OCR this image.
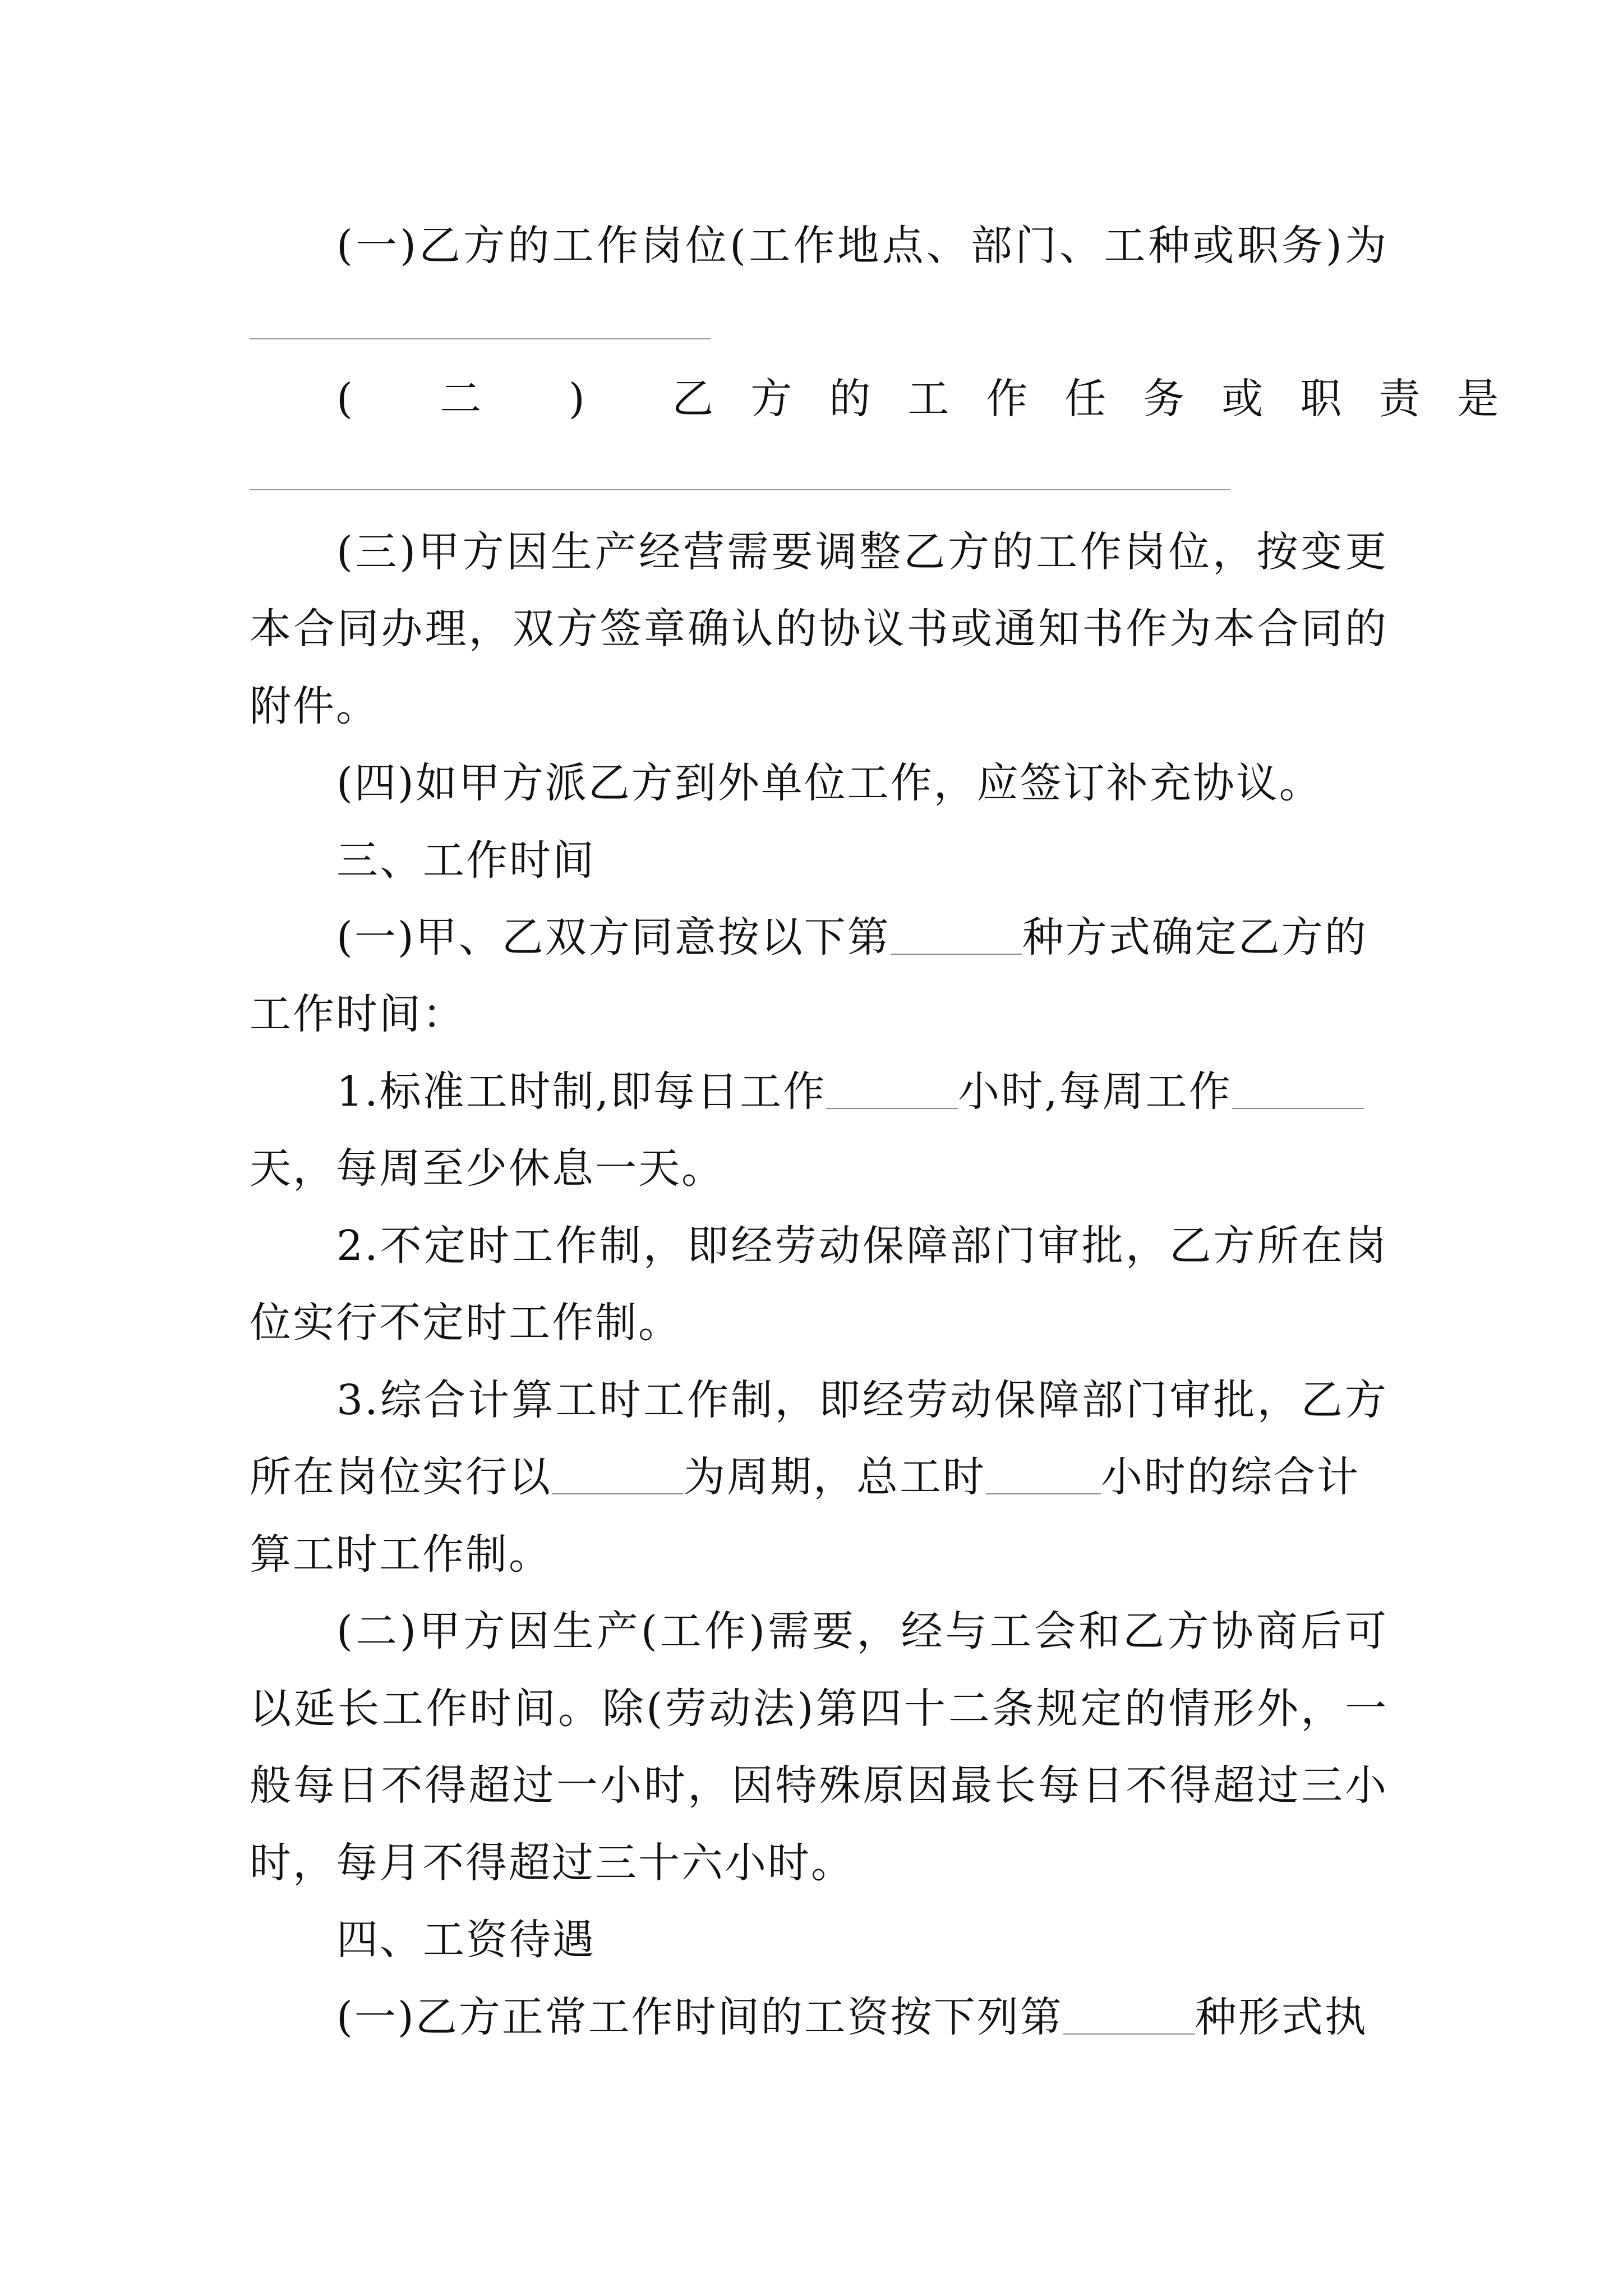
(一)乙方的工作岗位(工作地点、部门、工种或职务)为
( 二 ) 乙方的工作任务或职责是
(三)甲方因生产经营需要调整乙方的工作岗位，按变更
本合同办理，双方签章确认的协议书或通知书作为本合同的
附件。
(四)如甲方派乙方到外单位工作，应签订补充协议。
三、工作时间
(一)甲、乙双方同意按以下第	种方式确定乙方的
工作时间：
1.标准工时制,即每日工作	小时,每周工作
天，每周至少休息一天。
2.不定时工作制，即经劳动保障部门审批，乙方所在岗
位实行不定时工作制。
3.综合计算工时工作制，即经劳动保障部门审批，乙方
所在岗位实行以	为周期，总工时	小时的综合计
算工时工作制。
(二)甲方因生产(工作)需要，经与工会和乙方协商后可
以延长工作时间。除(劳动法)第四十二条规定的情形外，一
般每日不得超过一小时，因特殊原因最长每日不得超过三小
时，每月不得超过三十六小时。
四、工资待遇
(一)乙方正常工作时间的工资按下列第	种形式执
